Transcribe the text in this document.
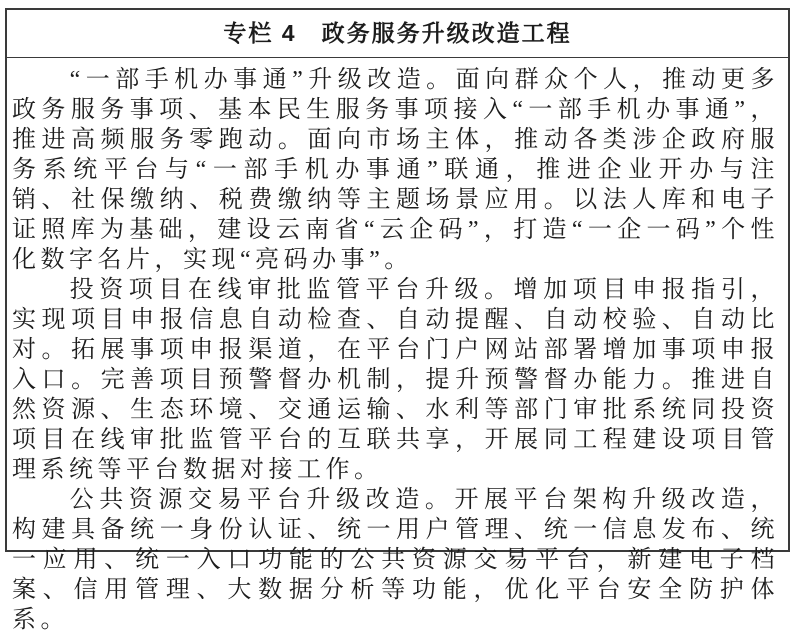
专栏 4　政务服务升级改造工程

“一部手机办事通”升级改造。面向群众个人，推动更多政务服务事项、基本民生服务事项接入“一部手机办事通”，推进高频服务零跑动。面向市场主体，推动各类涉企政府服务系统平台与“一部手机办事通”联通，推进企业开办与注销、社保缴纳、税费缴纳等主题场景应用。以法人库和电子证照库为基础，建设云南省“云企码”，打造“一企一码”个性化数字名片，实现“亮码办事”。

投资项目在线审批监管平台升级。增加项目申报指引，实现项目申报信息自动检查、自动提醒、自动校验、自动比对。拓展事项申报渠道，在平台门户网站部署增加事项申报入口。完善项目预警督办机制，提升预警督办能力。推进自然资源、生态环境、交通运输、水利等部门审批系统同投资项目在线审批监管平台的互联共享，开展同工程建设项目管理系统等平台数据对接工作。

公共资源交易平台升级改造。开展平台架构升级改造，构建具备统一身份认证、统一用户管理、统一信息发布、统一应用、统一入口功能的公共资源交易平台，新建电子档案、信用管理、大数据分析等功能，优化平台安全防护体系。
